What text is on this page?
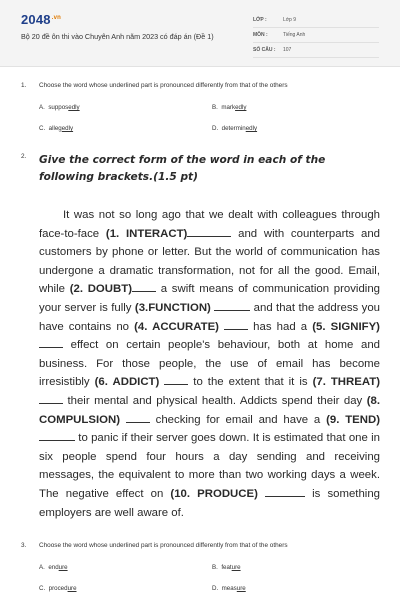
$2048^{.vn}$
Bộ 20 đề ôn thi vào Chuyên Anh năm 2023 có đáp án (Đề 1)
LỚP :	Lớp 9
MÔN :	Tiếng Anh
SỐ CÂU : 107
1. Choose the word whose underlined part is pronounced differently from that of the others
A. supposedly	B. markedly
C. allegedly	D. determinedly
2. Give the correct form of the word in each of the following brackets.(1.5 pt)

It was not so long ago that we dealt with colleagues through face-to-face (1. INTERACT)	and with counterparts and customers by phone or letter. But the world of communication has undergone a dramatic transformation, not for all the good. Email, while (2. DOUBT) a swift means of communication providing your server is fully (3.FUNCTION)	and that the address you have contains no (4. ACCURATE)	has had a (5. SIGNIFY)  effect on certain people's behaviour, both at home and business. For those people, the use of email has become irresistibly (6. ADDICT)	to the extent that it is (7. THREAT)  their mental and physical health. Addicts spend their day (8. COMPULSION)	checking for email and have a (9. TEND)  to panic if their server goes down. It is estimated that one in six people spend four hours a day sending and receiving messages, the equivalent to more than two working days a week. The negative effect on (10. PRODUCE)	is something employers are well aware of.

3. Choose the word whose underlined part is pronounced differently from that of the others
A. endure	B. feature
C. procedure	D. measure
